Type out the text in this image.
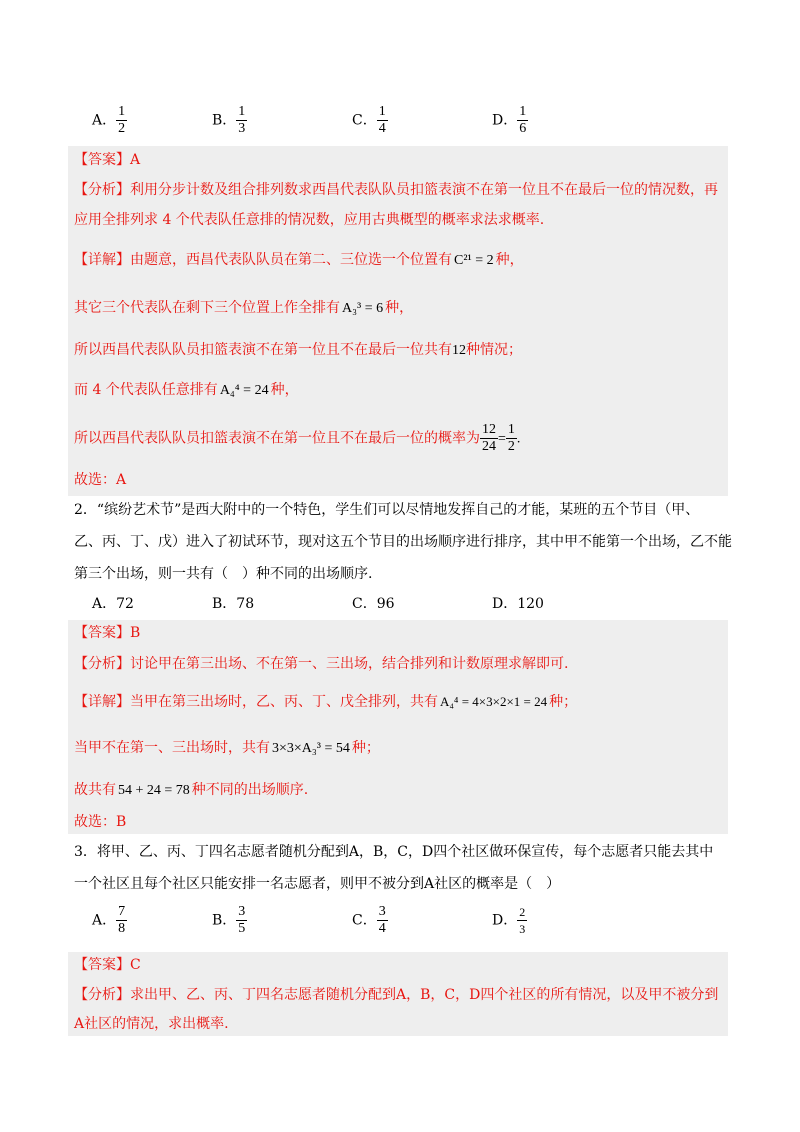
A． $\frac{1}{2}$	B． $\frac{1}{3}$	C． $\frac{1}{4}$	D． $\frac{1}{6}$
【答案】A
【分析】利用分步计数及组合排列数求西昌代表队队员扣篮表演不在第一位且不在最后一位的情况数，再
应用全排列求 4 个代表队任意排的情况数，应用古典概型的概率求法求概率.
【详解】由题意，西昌代表队队员在第二、三位选一个位置有 C²¹ = 2 种，
其它三个代表队在剩下三个位置上作全排有 A₃³ = 6 种，
所以西昌代表队队员扣篮表演不在第一位且不在最后一位共有12种情况；
而 4 个代表队任意排有 A₄⁴ = 24 种，
所以西昌代表队队员扣篮表演不在第一位且不在最后一位的概率为 $\frac{12}{24} = \frac{1}{2}$ .
故选：A
2．“缤纷艺术节”是西大附中的一个特色，学生们可以尽情地发挥自己的才能，某班的五个节目（甲、
乙、丙、丁、戊）进入了初试环节，现对这五个节目的出场顺序进行排序，其中甲不能第一个出场，乙不能
第三个出场，则一共有（　）种不同的出场顺序.
A．72	B．78	C．96	D．120
【答案】B
【分析】讨论甲在第三出场、不在第一、三出场，结合排列和计数原理求解即可.
【详解】当甲在第三出场时，乙、丙、丁、戊全排列，共有 A₄⁴ = 4×3×2×1 = 24 种；
当甲不在第一、三出场时，共有 3×3×A₃³ = 54 种；
故共有 54 + 24 = 78 种不同的出场顺序.
故选：B
3．将甲、乙、丙、丁四名志愿者随机分配到A，B，C，D四个社区做环保宣传，每个志愿者只能去其中
一个社区且每个社区只能安排一名志愿者，则甲不被分到A社区的概率是（　）
A． $\frac{7}{8}$	B． $\frac{3}{5}$	C． $\frac{3}{4}$	D． $\frac{2}{3}$
【答案】C
【分析】求出甲、乙、丙、丁四名志愿者随机分配到A，B，C，D四个社区的所有情况，以及甲不被分到
A社区的情况，求出概率.
